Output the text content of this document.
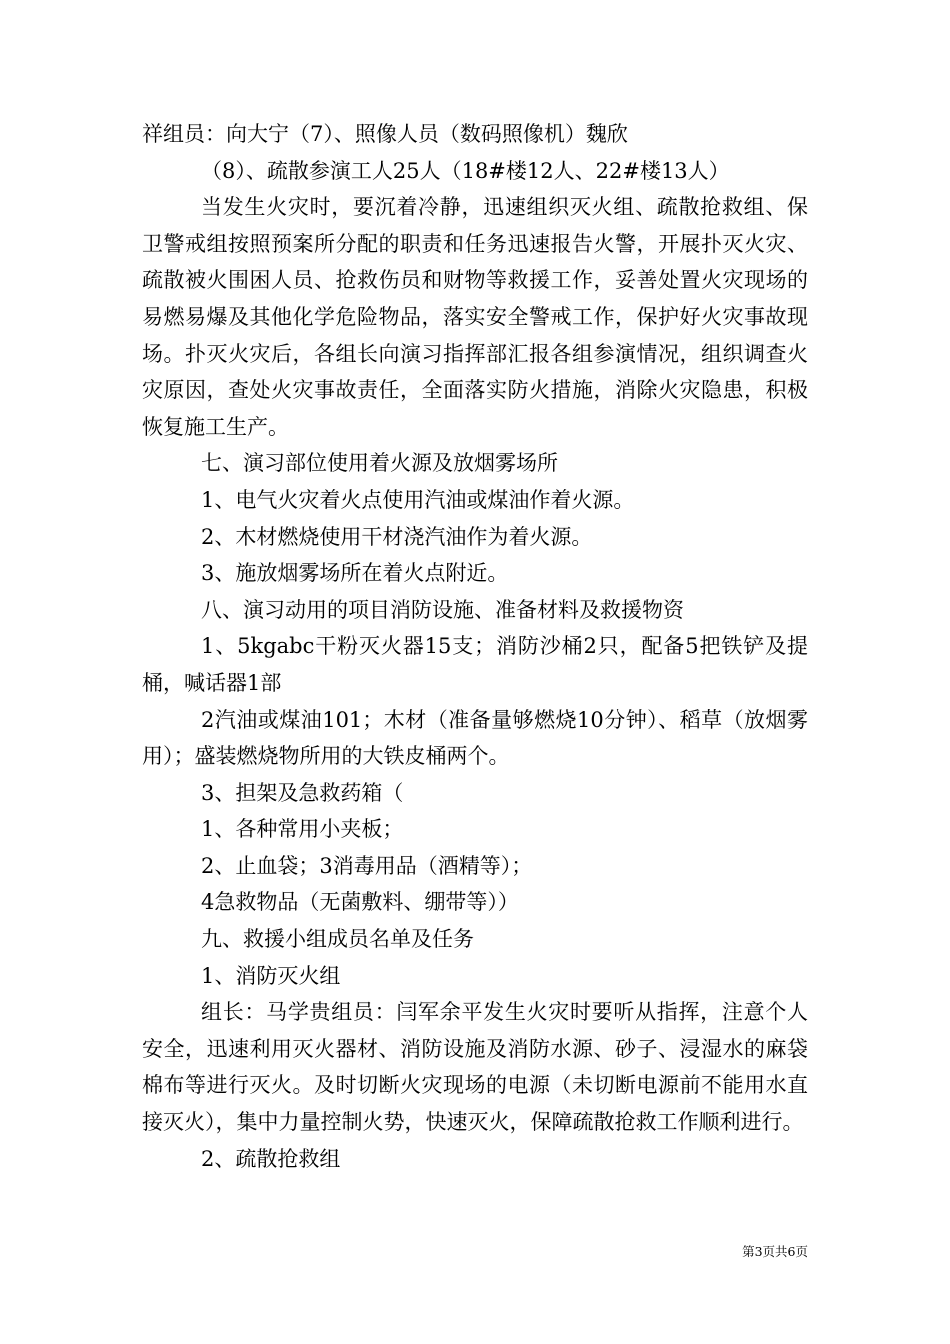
祥组员：向大宁（7）、照像人员（数码照像机）魏欣

（8）、疏散参演工人25人（18#楼12人、22#楼13人）

当发生火灾时，要沉着冷静，迅速组织灭火组、疏散抢救组、保卫警戒组按照预案所分配的职责和任务迅速报告火警，开展扑灭火灾、疏散被火围困人员、抢救伤员和财物等救援工作，妥善处置火灾现场的易燃易爆及其他化学危险物品，落实安全警戒工作，保护好火灾事故现场。扑灭火灾后，各组长向演习指挥部汇报各组参演情况，组织调查火灾原因，查处火灾事故责任，全面落实防火措施，消除火灾隐患，积极恢复施工生产。

七、演习部位使用着火源及放烟雾场所

1、电气火灾着火点使用汽油或煤油作着火源。

2、木材燃烧使用干材浇汽油作为着火源。

3、施放烟雾场所在着火点附近。

八、演习动用的项目消防设施、准备材料及救援物资

1、5kgabc干粉灭火器15支；消防沙桶2只，配备5把铁铲及提桶，喊话器1部

2汽油或煤油101；木材（准备量够燃烧10分钟）、稻草（放烟雾用）；盛装燃烧物所用的大铁皮桶两个。

3、担架及急救药箱（

1、各种常用小夹板；

2、止血袋；3消毒用品（酒精等）；

4急救物品（无菌敷料、绷带等））

九、救援小组成员名单及任务

1、消防灭火组

组长：马学贵组员：闫军余平发生火灾时要听从指挥，注意个人安全，迅速利用灭火器材、消防设施及消防水源、砂子、浸湿水的麻袋棉布等进行灭火。及时切断火灾现场的电源（未切断电源前不能用水直接灭火），集中力量控制火势，快速灭火，保障疏散抢救工作顺利进行。

2、疏散抢救组

第3页共6页
